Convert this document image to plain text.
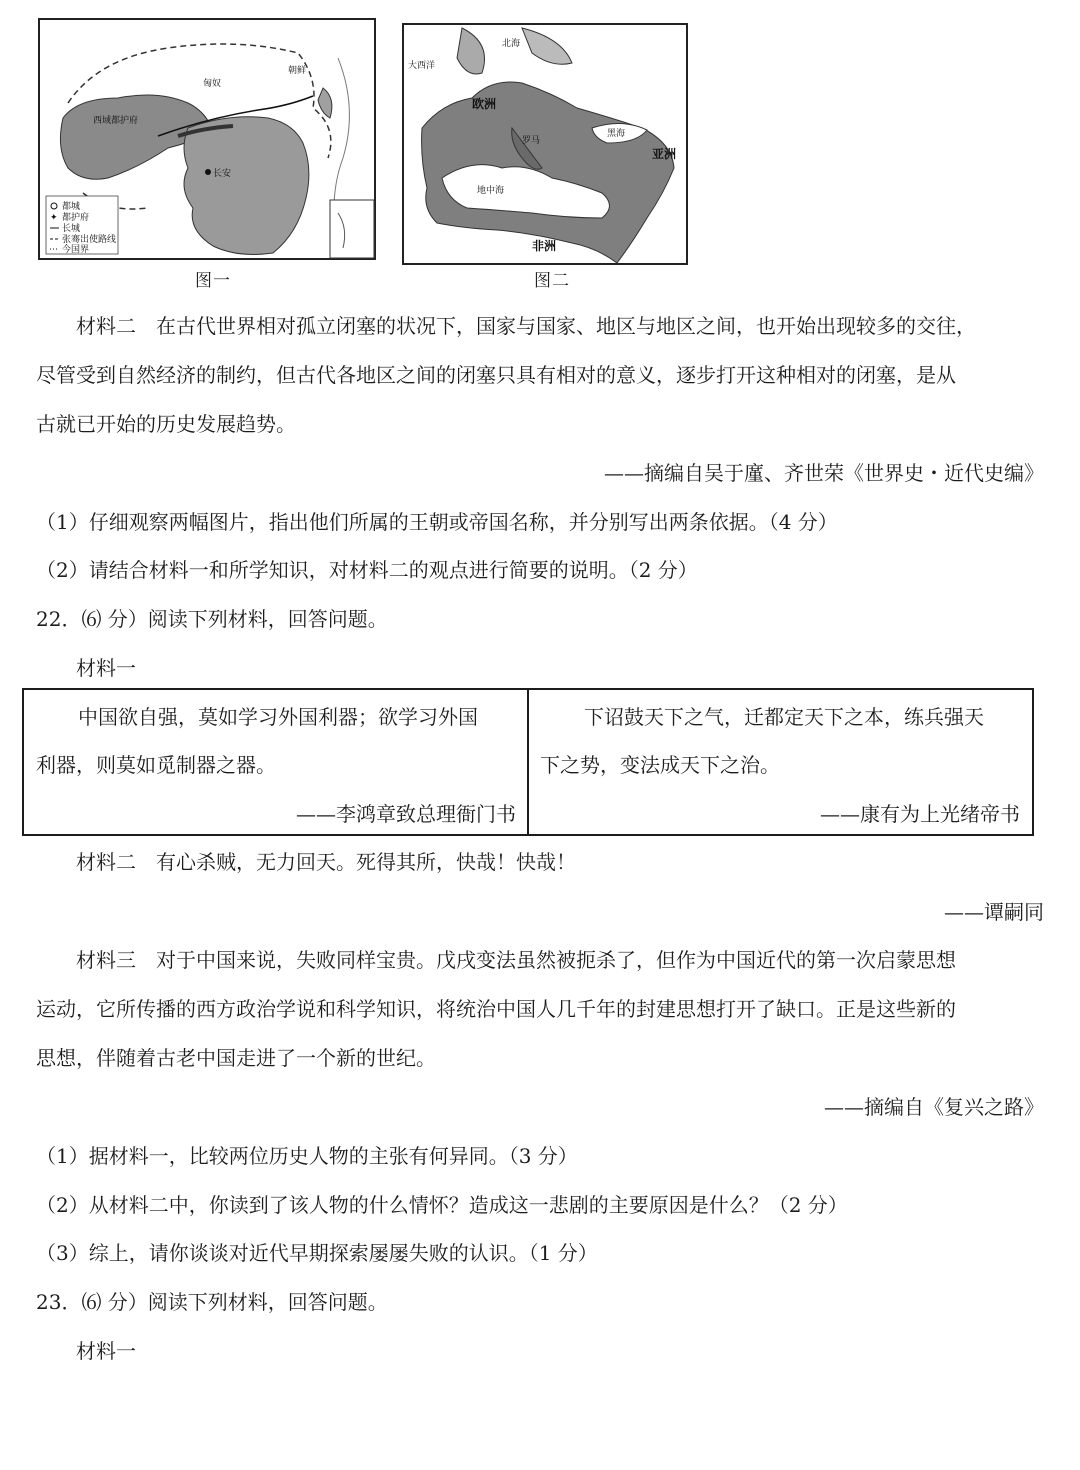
匈奴
西域都护府
长安
朝鲜
都城
✦ 都护府
长城
张骞出使路线
今国界
图一
北海
大西洋
欧洲
罗马
黑海
亚洲
地中海
非洲
图二
材料二　在古代世界相对孤立闭塞的状况下，国家与国家、地区与地区之间，也开始出现较多的交往，
尽管受到自然经济的制约，但古代各地区之间的闭塞只具有相对的意义，逐步打开这种相对的闭塞，是从
古就已开始的历史发展趋势。
——摘编自吴于廑、齐世荣《世界史・近代史编》
（1）仔细观察两幅图片，指出他们所属的王朝或帝国名称，并分别写出两条依据。（4 分）
（2）请结合材料一和所学知识，对材料二的观点进行简要的说明。（2 分）
22．⑹ 分）阅读下列材料，回答问题。
材料一
中国欲自强，莫如学习外国利器；欲学习外国
利器，则莫如觅制器之器。
——李鸿章致总理衙门书
下诏鼓天下之气，迁都定天下之本，练兵强天
下之势，变法成天下之治。
——康有为上光绪帝书
材料二　有心杀贼，无力回天。死得其所，快哉！快哉！
——谭嗣同
材料三　对于中国来说，失败同样宝贵。戊戌变法虽然被扼杀了，但作为中国近代的第一次启蒙思想
运动，它所传播的西方政治学说和科学知识，将统治中国人几千年的封建思想打开了缺口。正是这些新的
思想，伴随着古老中国走进了一个新的世纪。
——摘编自《复兴之路》
（1）据材料一，比较两位历史人物的主张有何异同。（3 分）
（2）从材料二中，你读到了该人物的什么情怀？造成这一悲剧的主要原因是什么？（2 分）
（3）综上，请你谈谈对近代早期探索屡屡失败的认识。（1 分）
23．⑹ 分）阅读下列材料，回答问题。
材料一
